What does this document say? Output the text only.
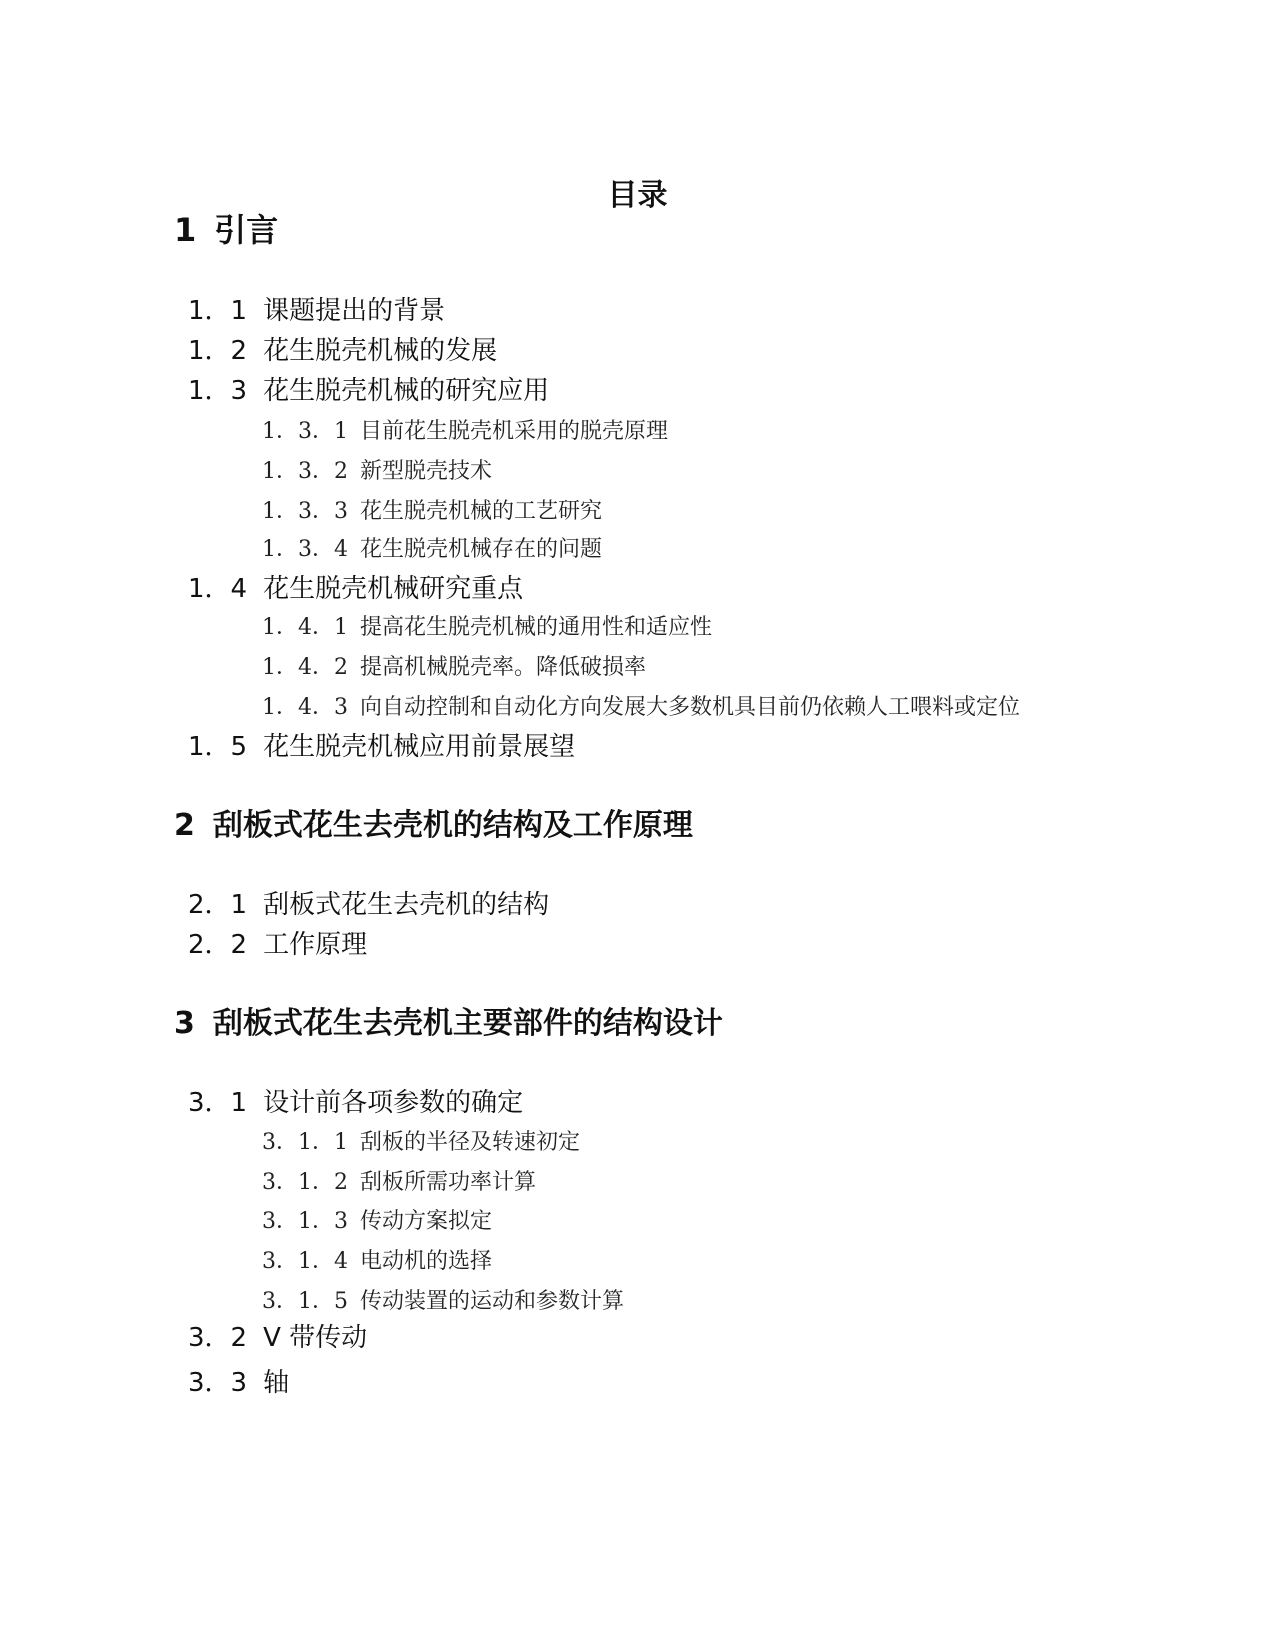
目录
1 引言
1．1 课题提出的背景
1．2 花生脱壳机械的发展
1．3 花生脱壳机械的研究应用
1．3．1 目前花生脱壳机采用的脱壳原理
1．3．2 新型脱壳技术
1．3．3 花生脱壳机械的工艺研究
1．3．4 花生脱壳机械存在的问题
1．4 花生脱壳机械研究重点
1．4．1 提高花生脱壳机械的通用性和适应性
1．4．2 提高机械脱壳率。降低破损率
1．4．3 向自动控制和自动化方向发展大多数机具目前仍依赖人工喂料或定位
1．5 花生脱壳机械应用前景展望
2 刮板式花生去壳机的结构及工作原理
2．1 刮板式花生去壳机的结构
2．2 工作原理
3 刮板式花生去壳机主要部件的结构设计
3．1 设计前各项参数的确定
3．1．1 刮板的半径及转速初定
3．1．2 刮板所需功率计算
3．1．3 传动方案拟定
3．1．4 电动机的选择
3．1．5 传动装置的运动和参数计算
3．2 V 带传动
3．3 轴
